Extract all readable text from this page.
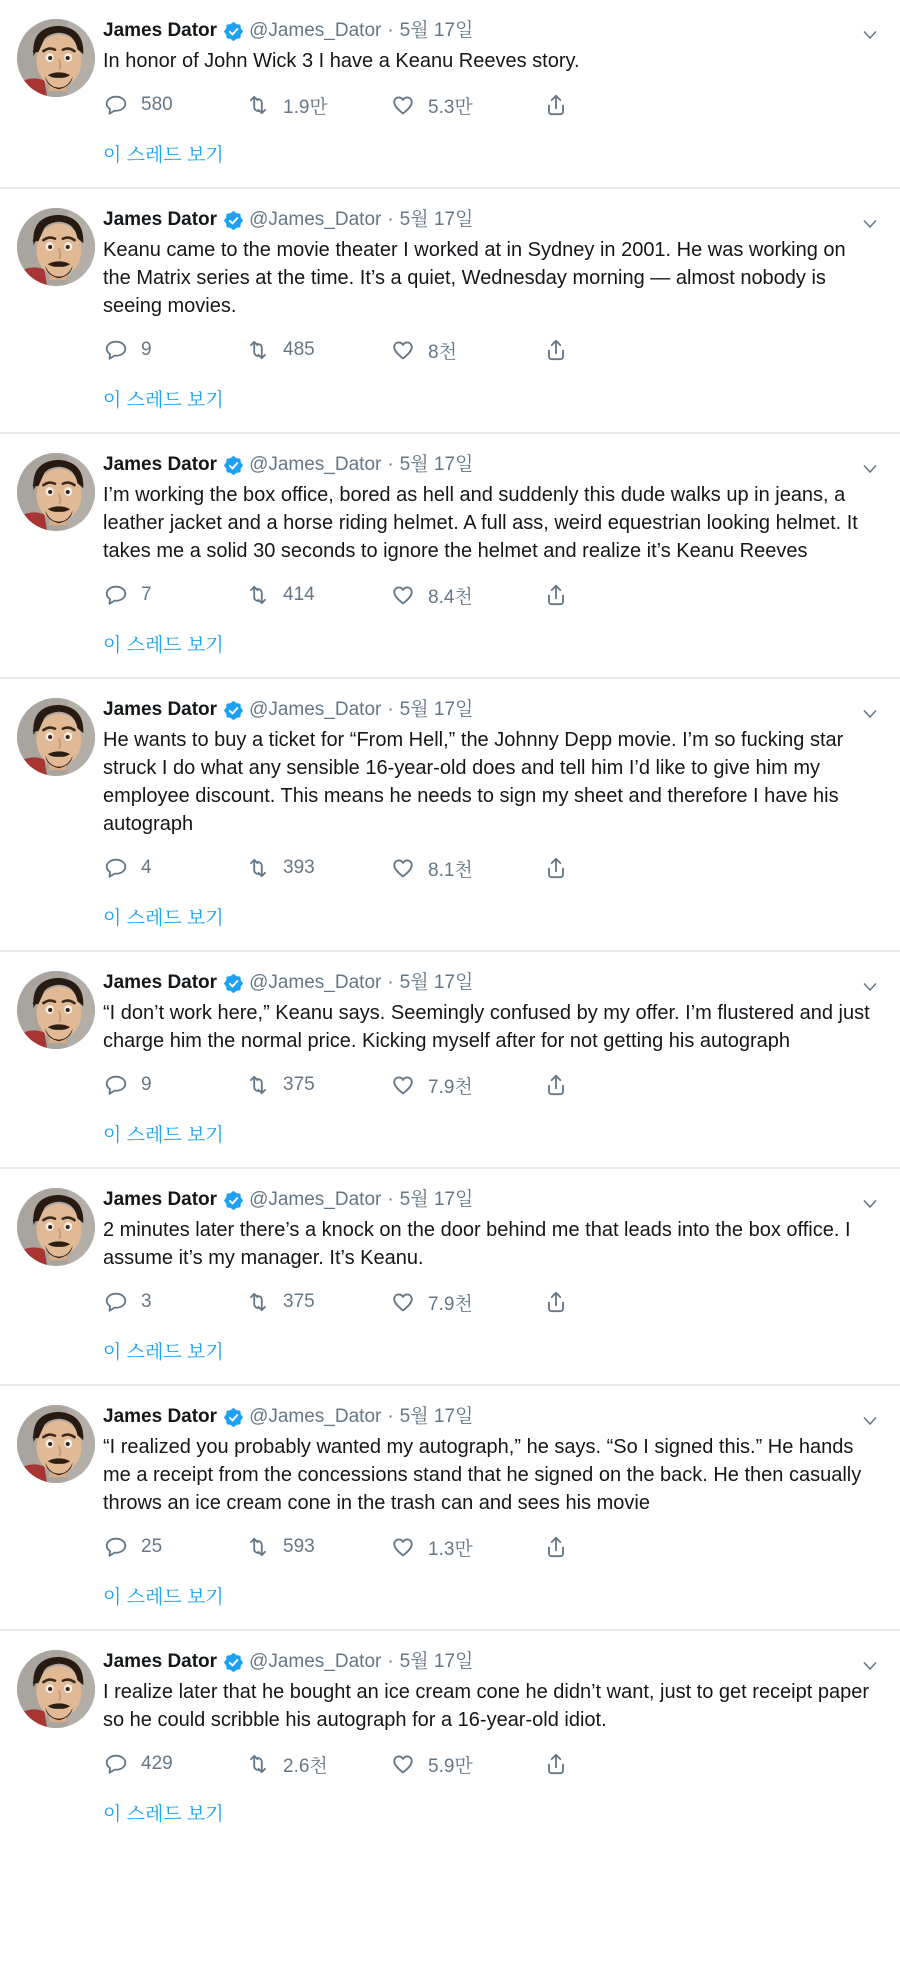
James Dator @James_Dator · 5월 17일
In honor of John Wick 3 I have a Keanu Reeves story.
580	1.9만	5.3만
이 스레드 보기
James Dator @James_Dator · 5월 17일
Keanu came to the movie theater I worked at in Sydney in 2001. He was working on the Matrix series at the time. It’s a quiet, Wednesday morning — almost nobody is seeing movies.
9	485	8천
이 스레드 보기
James Dator @James_Dator · 5월 17일
I’m working the box office, bored as hell and suddenly this dude walks up in jeans, a leather jacket and a horse riding helmet. A full ass, weird equestrian looking helmet. It takes me a solid 30 seconds to ignore the helmet and realize it’s Keanu Reeves
7	414	8.4천
이 스레드 보기
James Dator @James_Dator · 5월 17일
He wants to buy a ticket for “From Hell,” the Johnny Depp movie. I’m so fucking star struck I do what any sensible 16-year-old does and tell him I’d like to give him my employee discount. This means he needs to sign my sheet and therefore I have his autograph
4	393	8.1천
이 스레드 보기
James Dator @James_Dator · 5월 17일
“I don’t work here,” Keanu says. Seemingly confused by my offer. I’m flustered and just charge him the normal price. Kicking myself after for not getting his autograph
9	375	7.9천
이 스레드 보기
James Dator @James_Dator · 5월 17일
2 minutes later there’s a knock on the door behind me that leads into the box office. I assume it’s my manager. It’s Keanu.
3	375	7.9천
이 스레드 보기
James Dator @James_Dator · 5월 17일
“I realized you probably wanted my autograph,” he says. “So I signed this.” He hands me a receipt from the concessions stand that he signed on the back. He then casually throws an ice cream cone in the trash can and sees his movie
25	593	1.3만
이 스레드 보기
James Dator @James_Dator · 5월 17일
I realize later that he bought an ice cream cone he didn’t want, just to get receipt paper so he could scribble his autograph for a 16-year-old idiot.
429	2.6천	5.9만
이 스레드 보기
